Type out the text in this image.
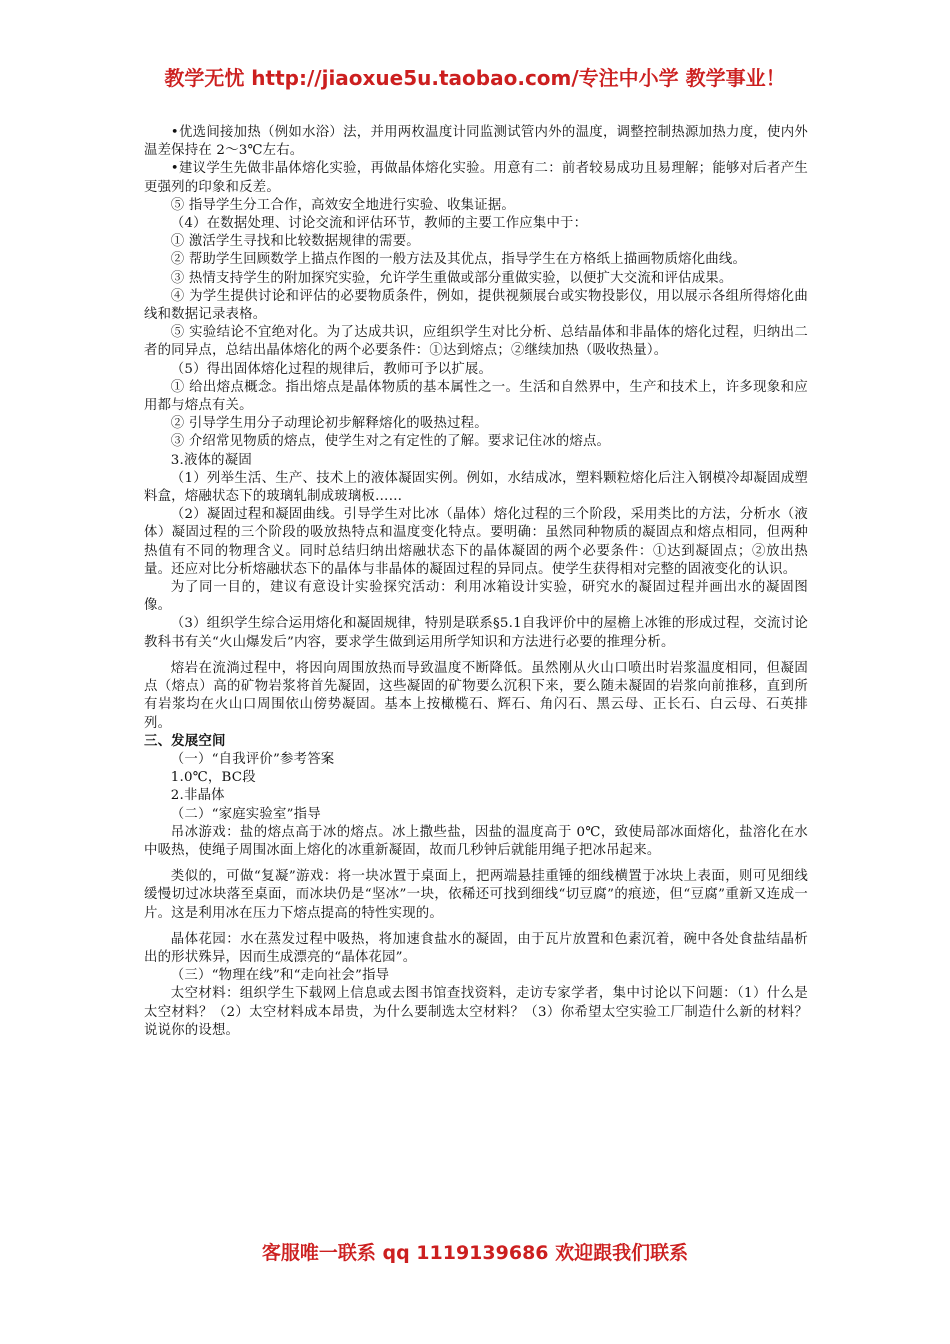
教学无忧 http://jiaoxue5u.taobao.com/专注中小学 教学事业！

•优选间接加热（例如水浴）法，并用两枚温度计同监测试管内外的温度，调整控制热源加热力度，使内外温差保持在 2～3℃左右。

•建议学生先做非晶体熔化实验，再做晶体熔化实验。用意有二：前者较易成功且易理解；能够对后者产生更强列的印象和反差。

⑤ 指导学生分工合作，高效安全地进行实验、收集证据。

（4）在数据处理、讨论交流和评估环节，教师的主要工作应集中于：

① 激活学生寻找和比较数据规律的需要。

② 帮助学生回顾数学上描点作图的一般方法及其优点，指导学生在方格纸上描画物质熔化曲线。

③ 热情支持学生的附加探究实验，允许学生重做或部分重做实验，以便扩大交流和评估成果。

④ 为学生提供讨论和评估的必要物质条件，例如，提供视频展台或实物投影仪，用以展示各组所得熔化曲线和数据记录表格。

⑤ 实验结论不宜绝对化。为了达成共识，应组织学生对比分析、总结晶体和非晶体的熔化过程，归纳出二者的同异点，总结出晶体熔化的两个必要条件：①达到熔点；②继续加热（吸收热量）。

（5）得出固体熔化过程的规律后，教师可予以扩展。

① 给出熔点概念。指出熔点是晶体物质的基本属性之一。生活和自然界中，生产和技术上，许多现象和应用都与熔点有关。

② 引导学生用分子动理论初步解释熔化的吸热过程。

③ 介绍常见物质的熔点，使学生对之有定性的了解。要求记住冰的熔点。

3.液体的凝固

（1）列举生活、生产、技术上的液体凝固实例。例如，水结成冰，塑料颗粒熔化后注入钢模冷却凝固成塑料盒，熔融状态下的玻璃轧制成玻璃板……

（2）凝固过程和凝固曲线。引导学生对比冰（晶体）熔化过程的三个阶段，采用类比的方法，分析水（液体）凝固过程的三个阶段的吸放热特点和温度变化特点。要明确：虽然同种物质的凝固点和熔点相同，但两种热值有不同的物理含义。同时总结归纳出熔融状态下的晶体凝固的两个必要条件：①达到凝固点；②放出热量。还应对比分析熔融状态下的晶体与非晶体的凝固过程的异同点。使学生获得相对完整的固液变化的认识。

为了同一目的，建议有意设计实验探究活动：利用冰箱设计实验，研究水的凝固过程并画出水的凝固图像。

（3）组织学生综合运用熔化和凝固规律，特别是联系§5.1自我评价中的屋檐上冰锥的形成过程，交流讨论教科书有关“火山爆发后”内容，要求学生做到运用所学知识和方法进行必要的推理分析。

熔岩在流淌过程中，将因向周围放热而导致温度不断降低。虽然刚从火山口喷出时岩浆温度相同，但凝固点（熔点）高的矿物岩浆将首先凝固，这些凝固的矿物要么沉积下来，要么随未凝固的岩浆向前推移，直到所有岩浆均在火山口周围依山傍势凝固。基本上按橄榄石、辉石、角闪石、黑云母、正长石、白云母、石英排列。

三、发展空间

（一）“自我评价”参考答案

1.0℃，BC段

2.非晶体

（二）“家庭实验室”指导

吊冰游戏：盐的熔点高于冰的熔点。冰上撒些盐，因盐的温度高于 0℃，致使局部冰面熔化，盐溶化在水中吸热，使绳子周围冰面上熔化的冰重新凝固，故而几秒钟后就能用绳子把冰吊起来。

类似的，可做“复凝”游戏：将一块冰置于桌面上，把两端悬挂重锤的细线横置于冰块上表面，则可见细线缓慢切过冰块落至桌面，而冰块仍是“坚冰”一块，依稀还可找到细线“切豆腐”的痕迹，但“豆腐”重新又连成一片。这是利用冰在压力下熔点提高的特性实现的。

晶体花园：水在蒸发过程中吸热，将加速食盐水的凝固，由于瓦片放置和色素沉着，碗中各处食盐结晶析出的形状殊异，因而生成漂亮的“晶体花园”。

（三）“物理在线”和“走向社会”指导

太空材料：组织学生下载网上信息或去图书馆查找资料，走访专家学者，集中讨论以下问题：（1）什么是太空材料？（2）太空材料成本昂贵，为什么要制选太空材料？（3）你希望太空实验工厂制造什么新的材料？说说你的设想。

客服唯一联系 qq 1119139686 欢迎跟我们联系
